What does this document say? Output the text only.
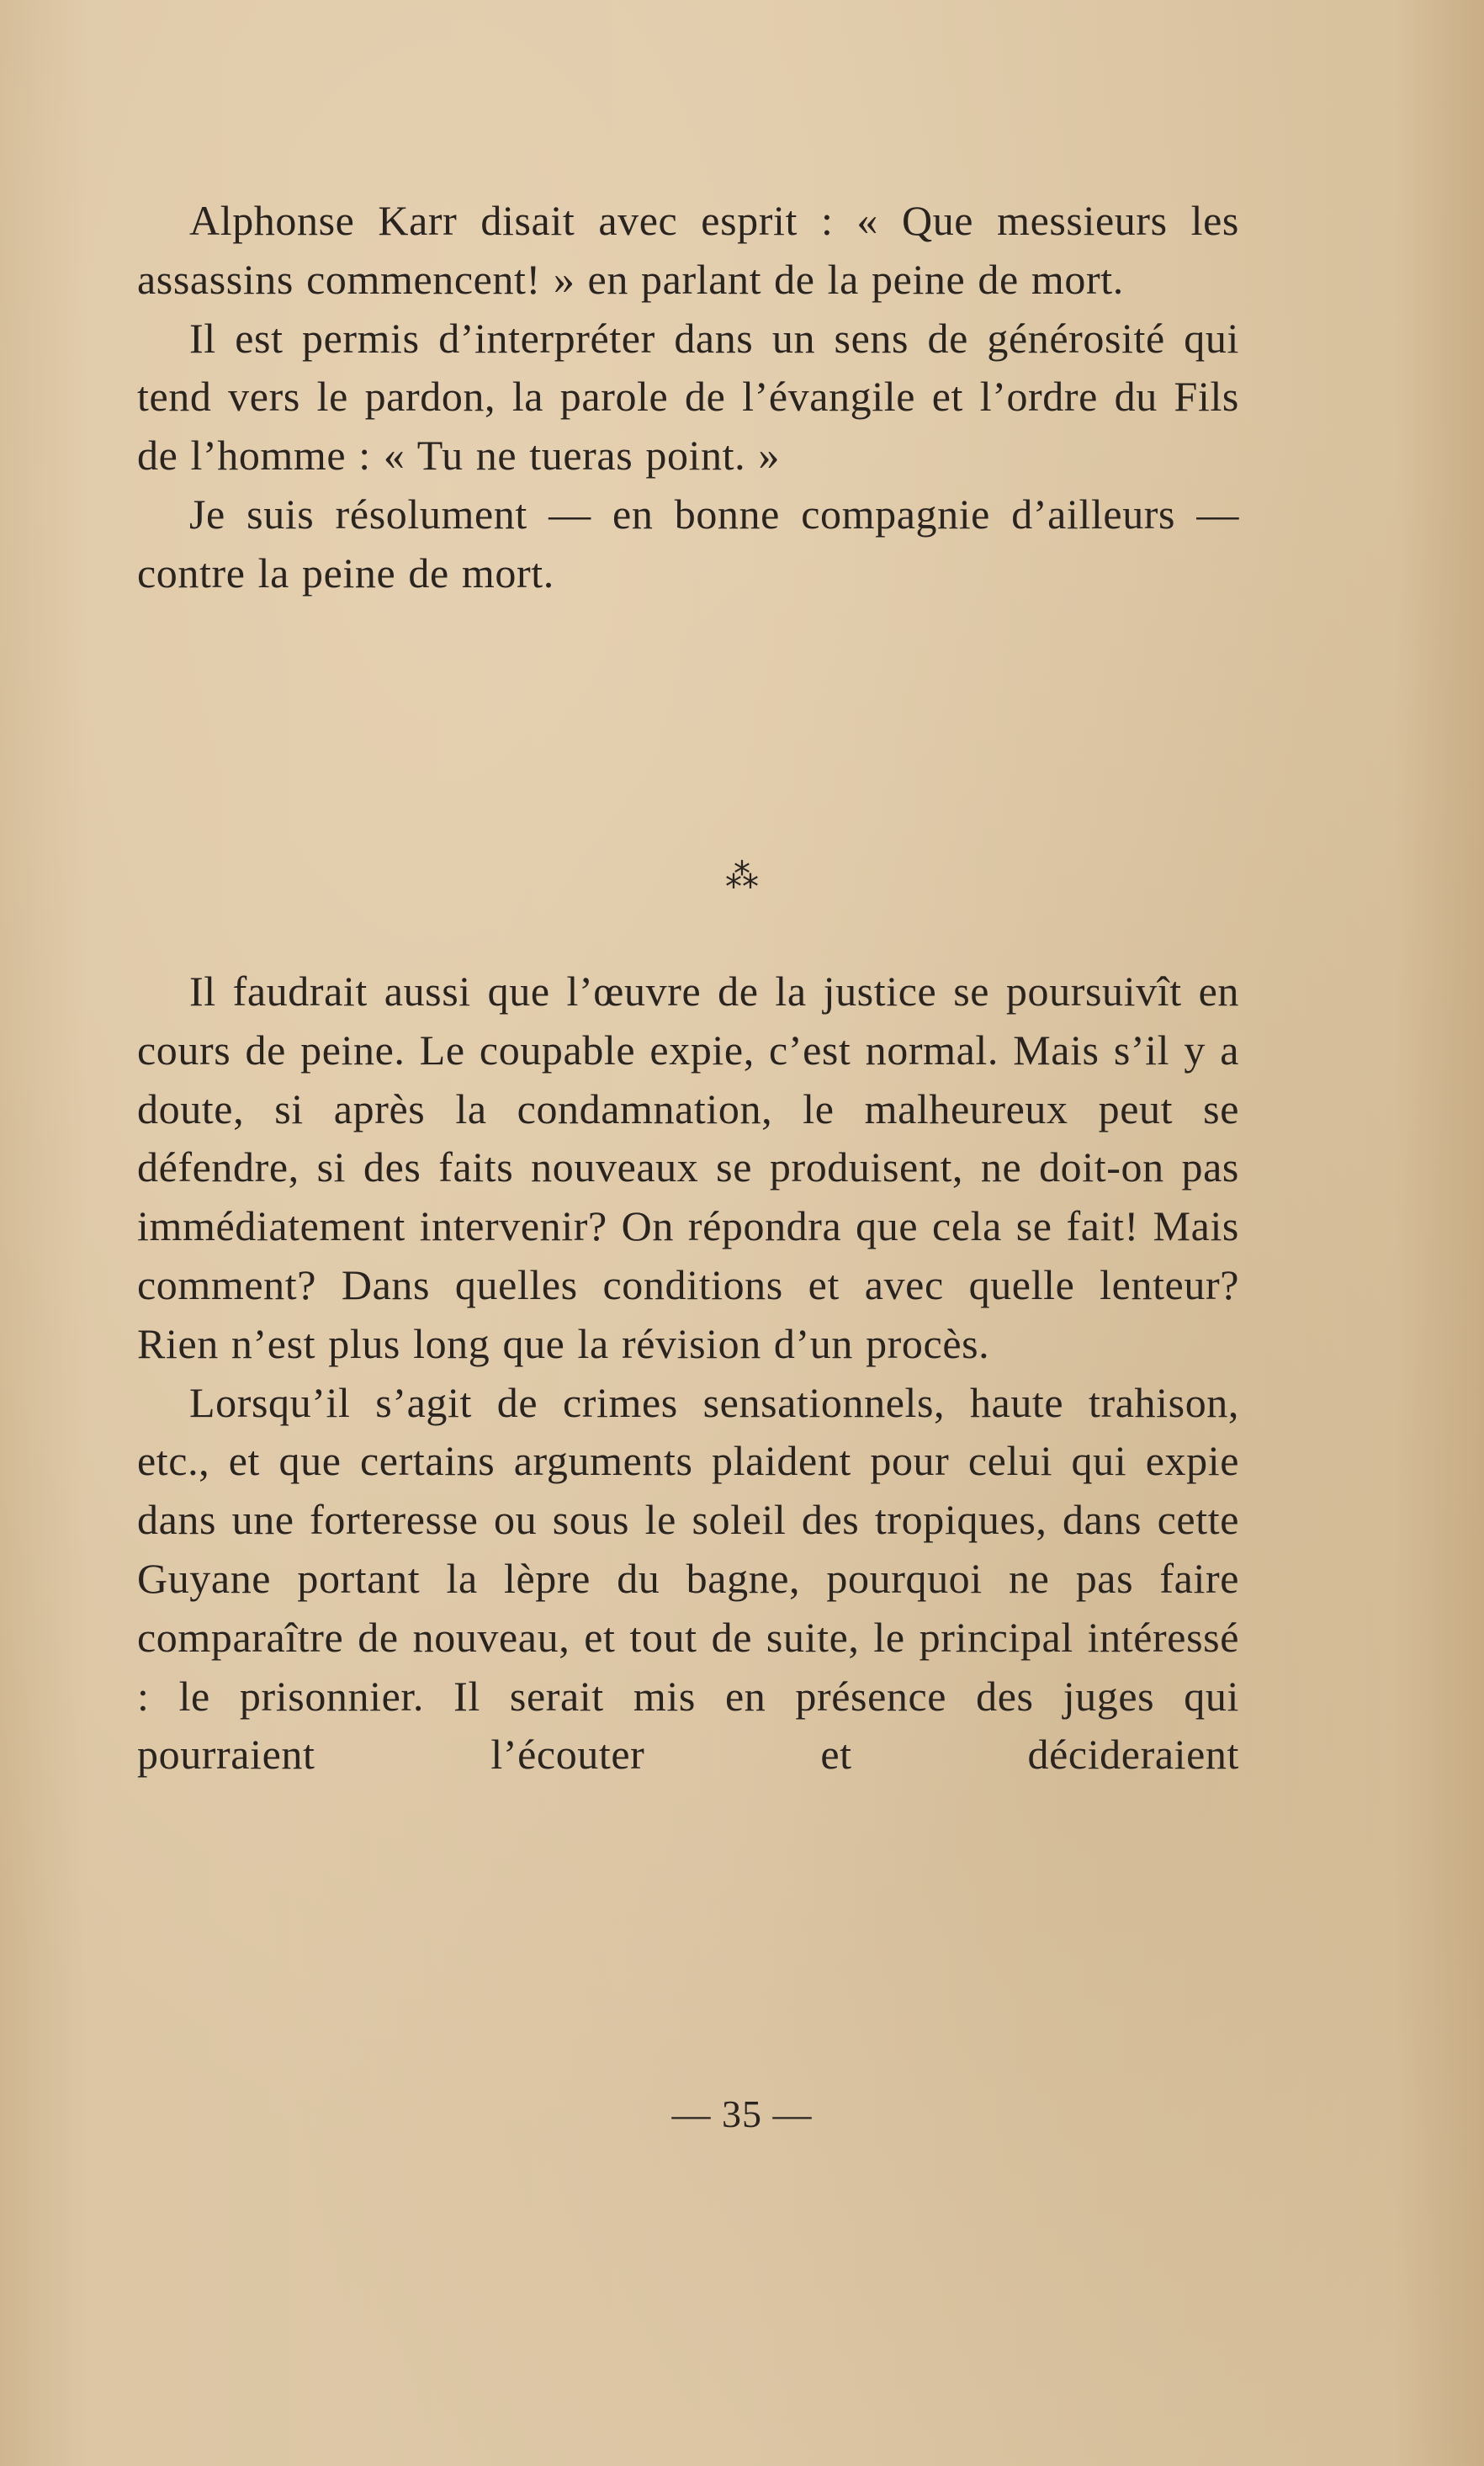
Alphonse Karr disait avec esprit : « Que messieurs les assassins commencent! » en parlant de la peine de mort.

Il est permis d’interpréter dans un sens de générosité qui tend vers le pardon, la parole de l’évangile et l’ordre du Fils de l’homme : « Tu ne tueras point. »

Je suis résolument — en bonne compagnie d’ailleurs — contre la peine de mort.

⁂

Il faudrait aussi que l’œuvre de la justice se poursuivît en cours de peine. Le coupable expie, c’est normal. Mais s’il y a doute, si après la condamnation, le malheureux peut se défendre, si des faits nouveaux se produisent, ne doit-on pas immédiatement intervenir? On répondra que cela se fait! Mais comment? Dans quelles conditions et avec quelle lenteur? Rien n’est plus long que la révision d’un procès.

Lorsqu’il s’agit de crimes sensationnels, haute trahison, etc., et que certains arguments plaident pour celui qui expie dans une forteresse ou sous le soleil des tropiques, dans cette Guyane portant la lèpre du bagne, pourquoi ne pas faire comparaître de nouveau, et tout de suite, le principal intéressé : le prisonnier. Il serait mis en présence des juges qui pourraient l’écouter et décideraient

— 35 —
